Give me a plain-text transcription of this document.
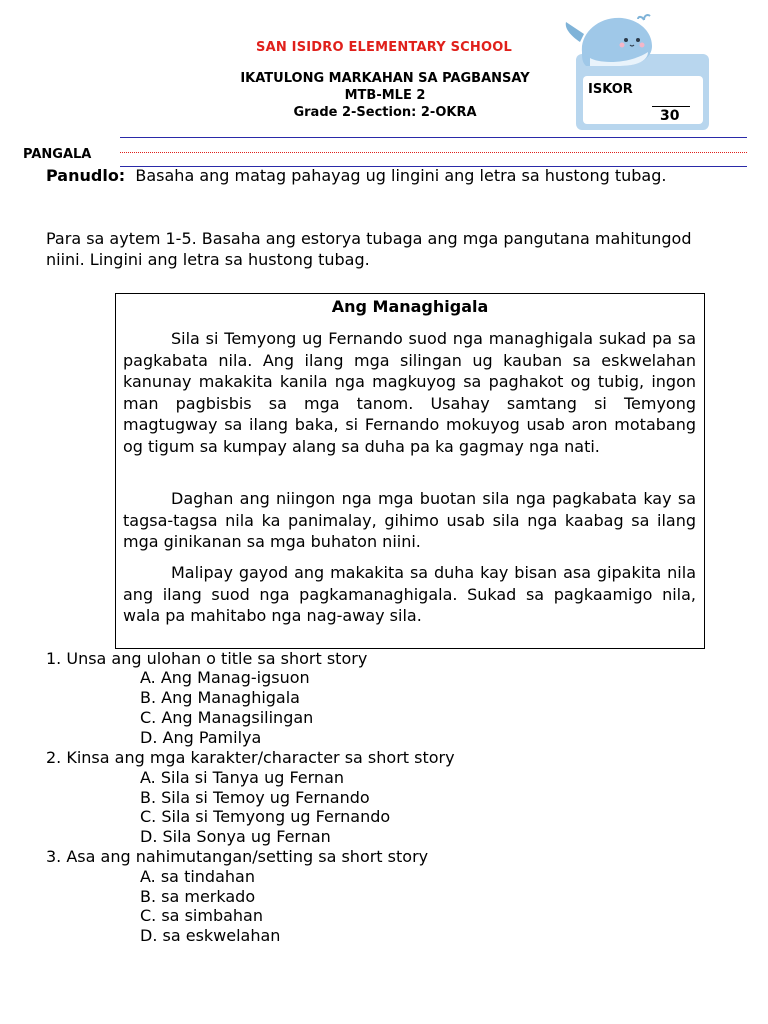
SAN ISIDRO ELEMENTARY SCHOOL
IKATULONG MARKAHAN SA PAGBANSAY
MTB-MLE 2
Grade 2-Section: 2-OKRA
ISKOR
30
PANGALA
Panudlo: Basaha ang matag pahayag ug lingini ang letra sa hustong tubag.
Para sa aytem 1-5. Basaha ang estorya tubaga ang mga pangutana mahitungod niini. Lingini ang letra sa hustong tubag.
Ang Managhigala
Sila si Temyong ug Fernando suod nga managhigala sukad pa sa pagkabata nila. Ang ilang mga silingan ug kauban sa eskwelahan kanunay makakita kanila nga magkuyog sa paghakot og tubig, ingon man pagbisbis sa mga tanom. Usahay samtang si Temyong magtugway sa ilang baka, si Fernando mokuyog usab aron motabang og tigum sa kumpay alang sa duha pa ka gagmay nga nati.
Daghan ang niingon nga mga buotan sila nga pagkabata kay sa tagsa-tagsa nila ka panimalay, gihimo usab sila nga kaabag sa ilang mga ginikanan sa mga buhaton niini.
Malipay gayod ang makakita sa duha kay bisan asa gipakita nila ang ilang suod nga pagkamanaghigala. Sukad sa pagkaamigo nila, wala pa mahitabo nga nag-away sila.
1. Unsa ang ulohan o title sa short story
A. Ang Manag-igsuon
B. Ang Managhigala
C. Ang Managsilingan
D. Ang Pamilya
2. Kinsa ang mga karakter/character sa short story
A. Sila si Tanya ug Fernan
B. Sila si Temoy ug Fernando
C. Sila si Temyong ug Fernando
D. Sila Sonya ug Fernan
3. Asa ang nahimutangan/setting sa short story
A. sa tindahan
B. sa merkado
C. sa simbahan
D. sa eskwelahan
